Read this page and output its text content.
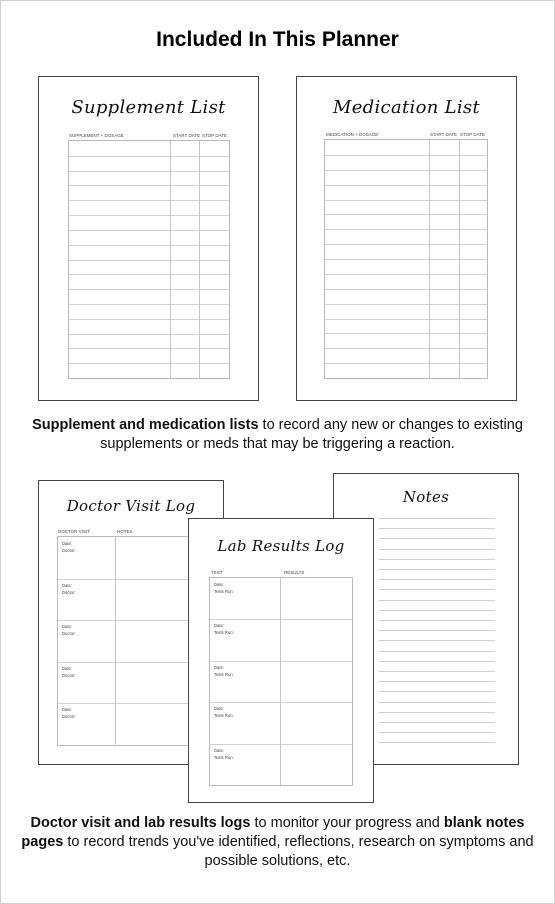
Included In This Planner
Supplement List
SUPPLEMENT + DOSAGE	START DATE STOP DATE
Medication List
MEDICATION + DOSAGE	START DATE STOP DATE
Supplement and medication lists to record any new or changes to existing supplements or meds that may be triggering a reaction.
Doctor Visit Log
DOCTOR VISIT	NOTES
Date:
Doctor:
Date:
Doctor:
Date:
Doctor:
Date:
Doctor:
Date:
Doctor:
Notes
Lab Results Log
TEST	RESULTS
Date:
Tests Run:
Date:
Tests Run:
Date:
Tests Run:
Date:
Tests Run:
Date:
Tests Run:
Doctor visit and lab results logs to monitor your progress and blank notes pages to record trends you've identified, reflections, research on symptoms and possible solutions, etc.
